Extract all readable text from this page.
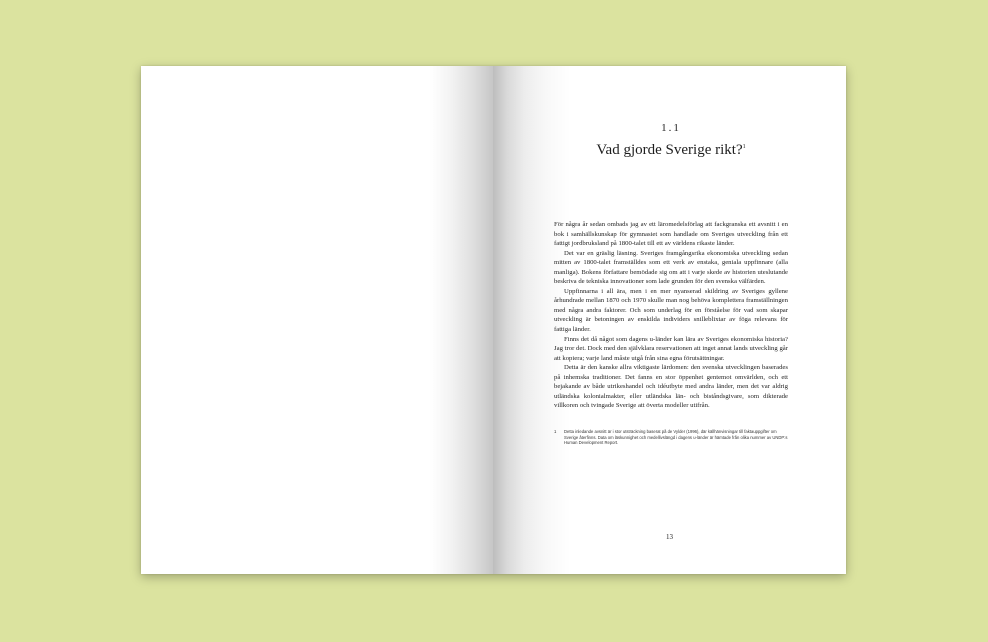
1.1

Vad gjorde Sverige rikt?$^1$

För några år sedan ombads jag av ett läromedelsförlag att fackgranska ett avsnitt i en bok i samhällskunskap för gymnasiet som handlade om Sveriges utveckling från ett fattigt jordbruksland på 1800-talet till ett av världens rikaste länder.

Det var en gräslig läsning. Sveriges framgångsrika ekonomiska utveckling sedan mitten av 1800-talet framställdes som ett verk av enstaka, geniala uppfinnare (alla manliga). Bokens författare bemödade sig om att i varje skede av historien uteslutande beskriva de tekniska innovationer som lade grunden för den svenska välfärden.

Uppfinnarna i all ära, men i en mer nyanserad skildring av Sveriges gyllene århundrade mellan 1870 och 1970 skulle man nog behöva komplettera framställningen med några andra faktorer. Och som underlag för en förståelse för vad som skapar utveckling är betoningen av enskilda individers snilleblixtar av föga relevans för fattiga länder.

Finns det då något som dagens u-länder kan lära av Sveriges ekonomiska historia? Jag tror det. Dock med den självklara reservationen att inget annat lands utveckling går att kopiera; varje land måste utgå från sina egna förutsättningar.

Detta är den kanske allra viktigaste lärdomen: den svenska utvecklingen baserades på inhemska traditioner. Det fanns en stor öppenhet gentemot omvärlden, och ett bejakande av både utrikeshandel och idéutbyte med andra länder, men det var aldrig utländska kolonialmakter, eller utländska län- och biståndsgivare, som dikterade villkoren och tvingade Sverige att överta modeller utifrån.

1	Detta inledande avsnitt är i stor utsträckning baserat på de Vylder (1996), där källhänvisningar till faktauppgifter om Sverige återfinns. Data om läskunnighet och medellivslängd i dagens u-länder är hämtade från olika nummer av UNDP:s Human Development Report.
13
